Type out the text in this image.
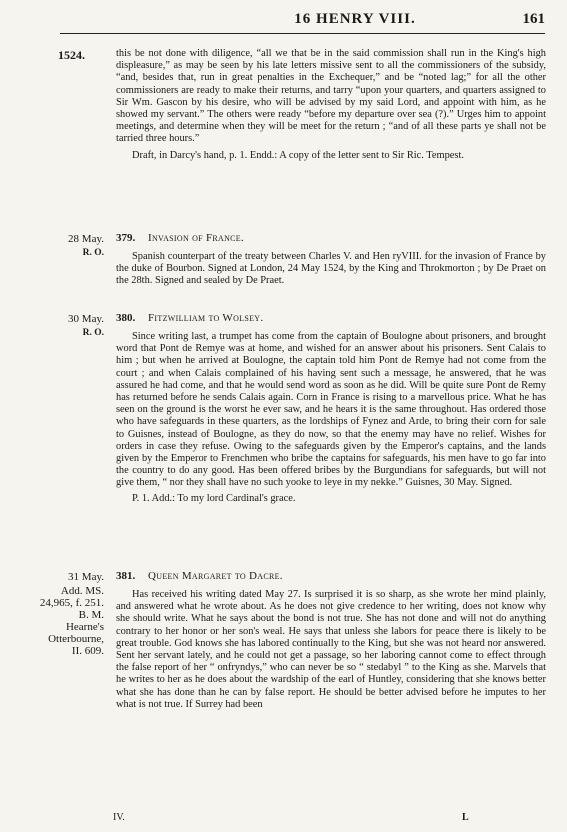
16 HENRY VIII.	161
1524.	this be not done with diligence, “all we that be in the said commission shall run in the King's high displeasure,” as may be seen by his late letters missive sent to all the commissioners of the subsidy, “and, besides that, run in great penalties in the Exchequer,” and be “noted lag;” for all the other commissioners are ready to make their returns, and tarry “upon your quarters, and quarters assigned to Sir Wm. Gascon by his desire, who will be advised by my said Lord, and appoint with him, as he showed my servant.” The others were ready “before my departure over sea (?).” Urges him to appoint meetings, and determine when they will be meet for the return ; “and of all these parts ye shall not be tarried three hours.”

Draft, in Darcy's hand, p. 1. Endd.: A copy of the letter sent to Sir Ric. Tempest.

28 May.
R. O.
379. Invasion of France.

Spanish counterpart of the treaty between Charles V. and Hen ryVIII. for the invasion of France by the duke of Bourbon. Signed at London, 24 May 1524, by the King and Throkmorton ; by De Praet on the 28th. Signed and sealed by De Praet.

30 May.
R. O.
380. Fitzwilliam to Wolsey.

Since writing last, a trumpet has come from the captain of Boulogne about prisoners, and brought word that Pont de Remye was at home, and wished for an answer about his prisoners. Sent Calais to him ; but when he arrived at Boulogne, the captain told him Pont de Remye had not come from the court ; and when Calais complained of his having sent such a message, he answered, that he was assured he had come, and that he would send word as soon as he did. Will be quite sure Pont de Remy has returned before he sends Calais again. Corn in France is rising to a marvellous price. What he has seen on the ground is the worst he ever saw, and he hears it is the same throughout. Has ordered those who have safeguards in these quarters, as the lordships of Fynez and Arde, to bring their corn for sale to Guisnes, instead of Boulogne, as they do now, so that the enemy may have no relief. Wishes for orders in case they refuse. Owing to the safeguards given by the Emperor's captains, and the lands given by the Emperor to Frenchmen who bribe the captains for safeguards, his men have to go far into the country to do any good. Has been offered bribes by the Burgundians for safeguards, but will not give them, “ nor they shall have no such yooke to leye in my nekke.” Guisnes, 30 May. Signed.

P. 1. Add.: To my lord Cardinal's grace.

31 May.
Add. MS.
24,965, f. 251.
B. M.
Hearne's
Otterbourne,
II. 609.
381. Queen Margaret to Dacre.

Has received his writing dated May 27. Is surprised it is so sharp, as she wrote her mind plainly, and answered what he wrote about. As he does not give credence to her writing, does not know why she should write. What he says about the bond is not true. She has not done and will not do anything contrary to her honor or her son's weal. He says that unless she labors for peace there is likely to be great trouble. God knows she has labored continually to the King, but she was not heard nor answered. Sent her servant lately, and he could not get a passage, so her laboring cannot come to effect through the false report of her “ onfryndys,” who can never be so “ stedabyl ” to the King as she. Marvels that he writes to her as he does about the wardship of the earl of Huntley, considering that she knows better what she has done than he can by false report. He should be better advised before he imputes to her what is not true. If Surrey had been

IV.	L
